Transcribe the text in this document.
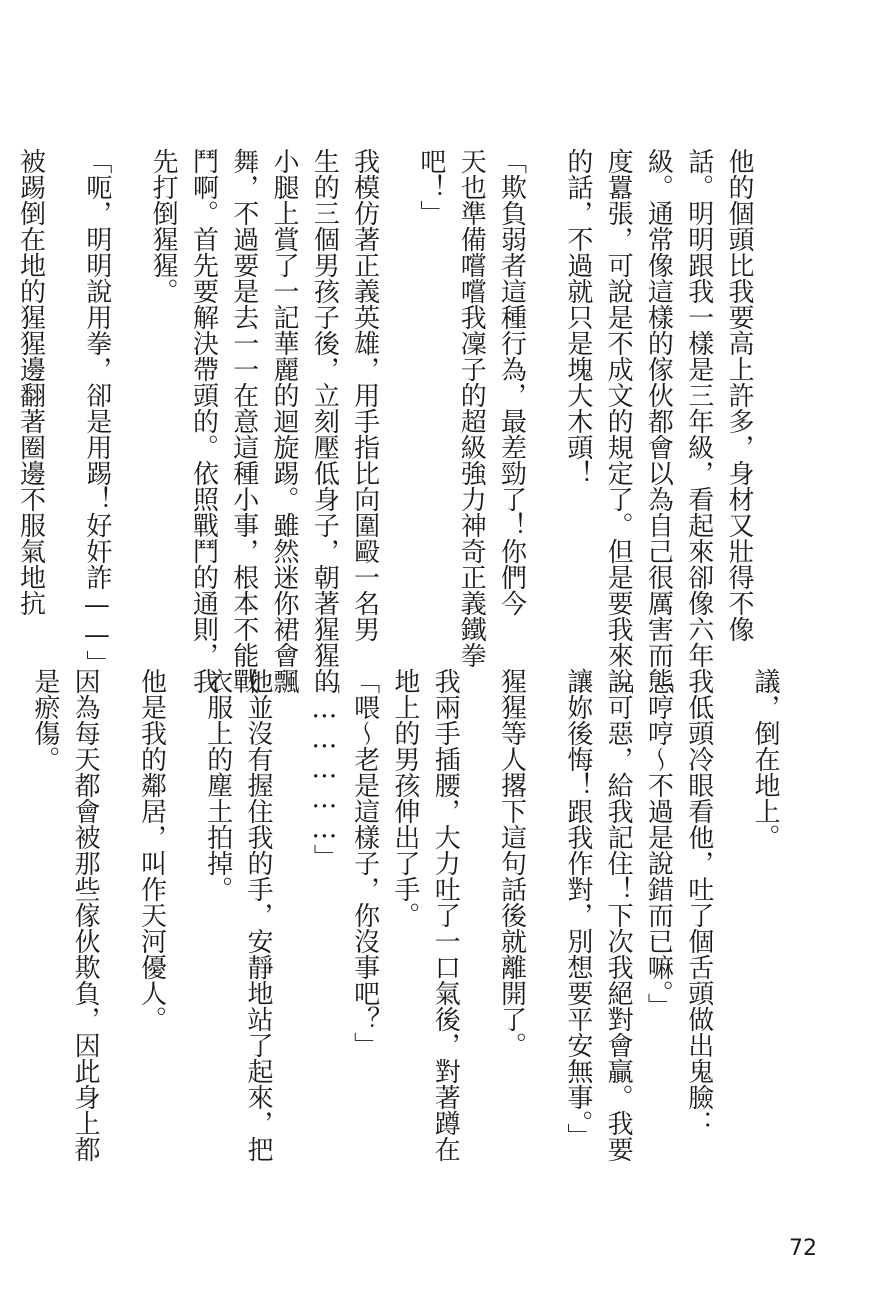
他的個頭比我要高上許多，身材又壯得不像

話。明明跟我一樣是三年級，看起來卻像六年

級。通常像這樣的傢伙都會以為自己很厲害而態

度囂張，可說是不成文的規定了。但是要我來說

的話，不過就只是塊大木頭！

「欺負弱者這種行為，最差勁了！你們今

天也準備嚐嚐我凜子的超級強力神奇正義鐵拳

吧！」

我模仿著正義英雄，用手指比向圍毆一名男

生的三個男孩子後，立刻壓低身子，朝著猩猩的

小腿上賞了一記華麗的迴旋踢。雖然迷你裙會飄

舞，不過要是去一一在意這種小事，根本不能戰

鬥啊。首先要解決帶頭的。依照戰鬥的通則，我

先打倒猩猩。

「呃，明明說用拳，卻是用踢！好奸詐——」

被踢倒在地的猩猩邊翻著圈邊不服氣地抗

議，倒在地上。

我低頭冷眼看他，吐了個舌頭做出鬼臉：

「哼哼～不過是說錯而已嘛。」

「可惡，給我記住！下次我絕對會贏。我要

讓妳後悔！跟我作對，別想要平安無事。」

猩猩等人撂下這句話後就離開了。

我兩手插腰，大力吐了一口氣後，對著蹲在

地上的男孩伸出了手。

「喂～老是這樣子，你沒事吧？」

「……………」

他並沒有握住我的手，安靜地站了起來，把

衣服上的塵土拍掉。

他是我的鄰居，叫作天河優人。

因為每天都會被那些傢伙欺負，因此身上都

是瘀傷。

72
